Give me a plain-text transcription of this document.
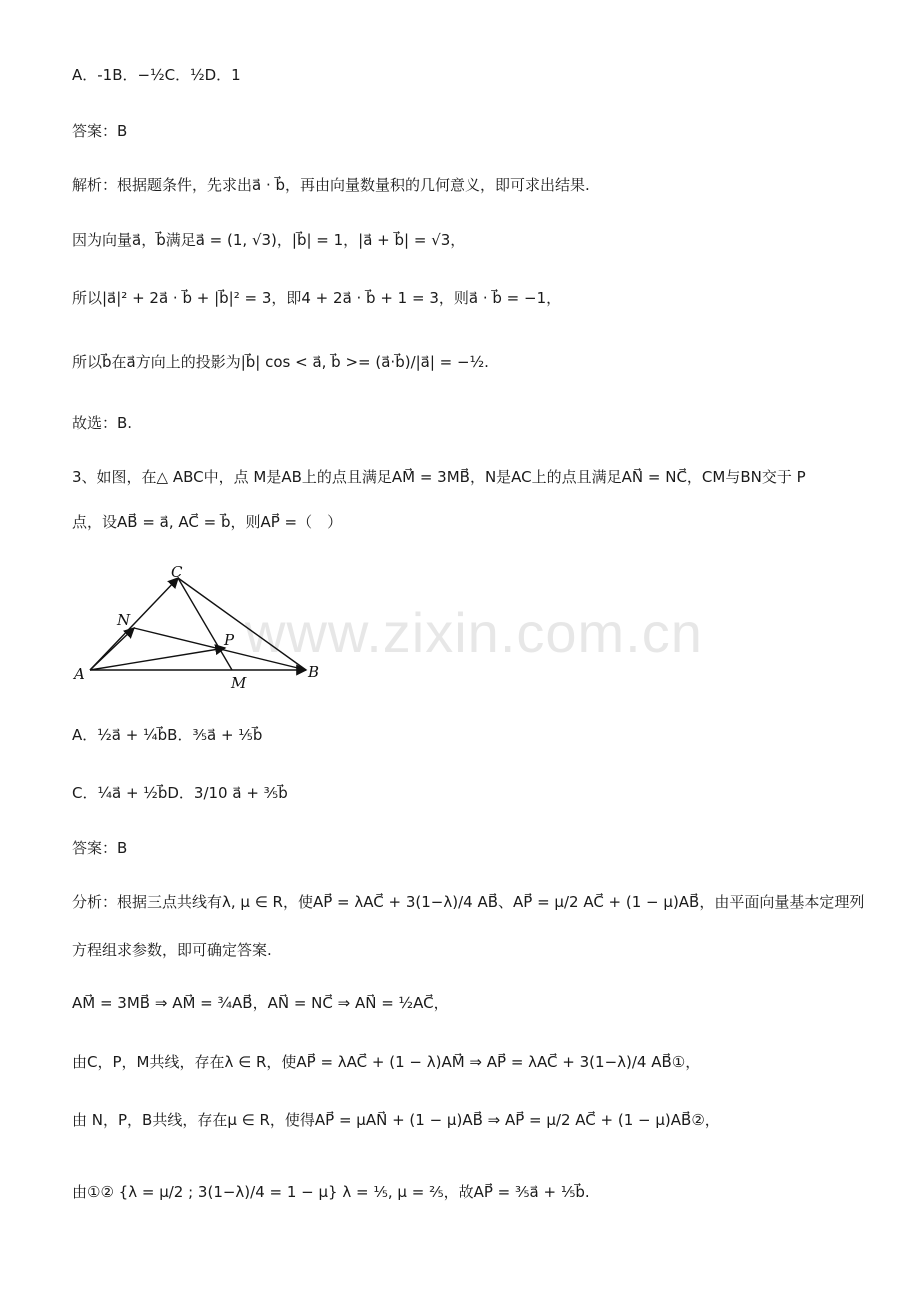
A．-1B．−½C．½D．1
答案：B
解析：根据题条件，先求出a⃗ · b⃗，再由向量数量积的几何意义，即可求出结果.
因为向量a⃗，b⃗满足a⃗ = (1, √3)，|b⃗| = 1，|a⃗ + b⃗| = √3，
所以|a⃗|² + 2a⃗ · b⃗ + |b⃗|² = 3，即4 + 2a⃗ · b⃗ + 1 = 3，则a⃗ · b⃗ = −1，
所以b⃗在a⃗方向上的投影为|b⃗| cos < a⃗, b⃗ >= (a⃗·b⃗)/|a⃗| = −½.
故选：B.
3、如图，在△ ABC中，点 M是AB上的点且满足AM⃗ = 3MB⃗，N是AC上的点且满足AN⃗ = NC⃗，CM与BN交于 P
点，设AB⃗ = a⃗, AC⃗ = b⃗，则AP⃗ =（　）
www.zixin.com.cn
A	B
C
M
N
P
A．½a⃗ + ¼b⃗B．⅗a⃗ + ⅕b⃗
C．¼a⃗ + ½b⃗D．3/10 a⃗ + ⅗b⃗
答案：B
分析：根据三点共线有λ, μ ∈ R，使AP⃗ = λAC⃗ + 3(1−λ)/4 AB⃗、AP⃗ = μ/2 AC⃗ + (1 − μ)AB⃗，由平面向量基本定理列
方程组求参数，即可确定答案.
AM⃗ = 3MB⃗ ⇒ AM⃗ = ¾AB⃗，AN⃗ = NC⃗ ⇒ AN⃗ = ½AC⃗，
由C，P，M共线，存在λ ∈ R，使AP⃗ = λAC⃗ + (1 − λ)AM⃗ ⇒ AP⃗ = λAC⃗ + 3(1−λ)/4 AB⃗①，
由 N，P，B共线，存在μ ∈ R，使得AP⃗ = μAN⃗ + (1 − μ)AB⃗ ⇒ AP⃗ = μ/2 AC⃗ + (1 − μ)AB⃗②，
由①② {λ = μ/2 ; 3(1−λ)/4 = 1 − μ} λ = ⅕, μ = ⅖，故AP⃗ = ⅗a⃗ + ⅕b⃗.
